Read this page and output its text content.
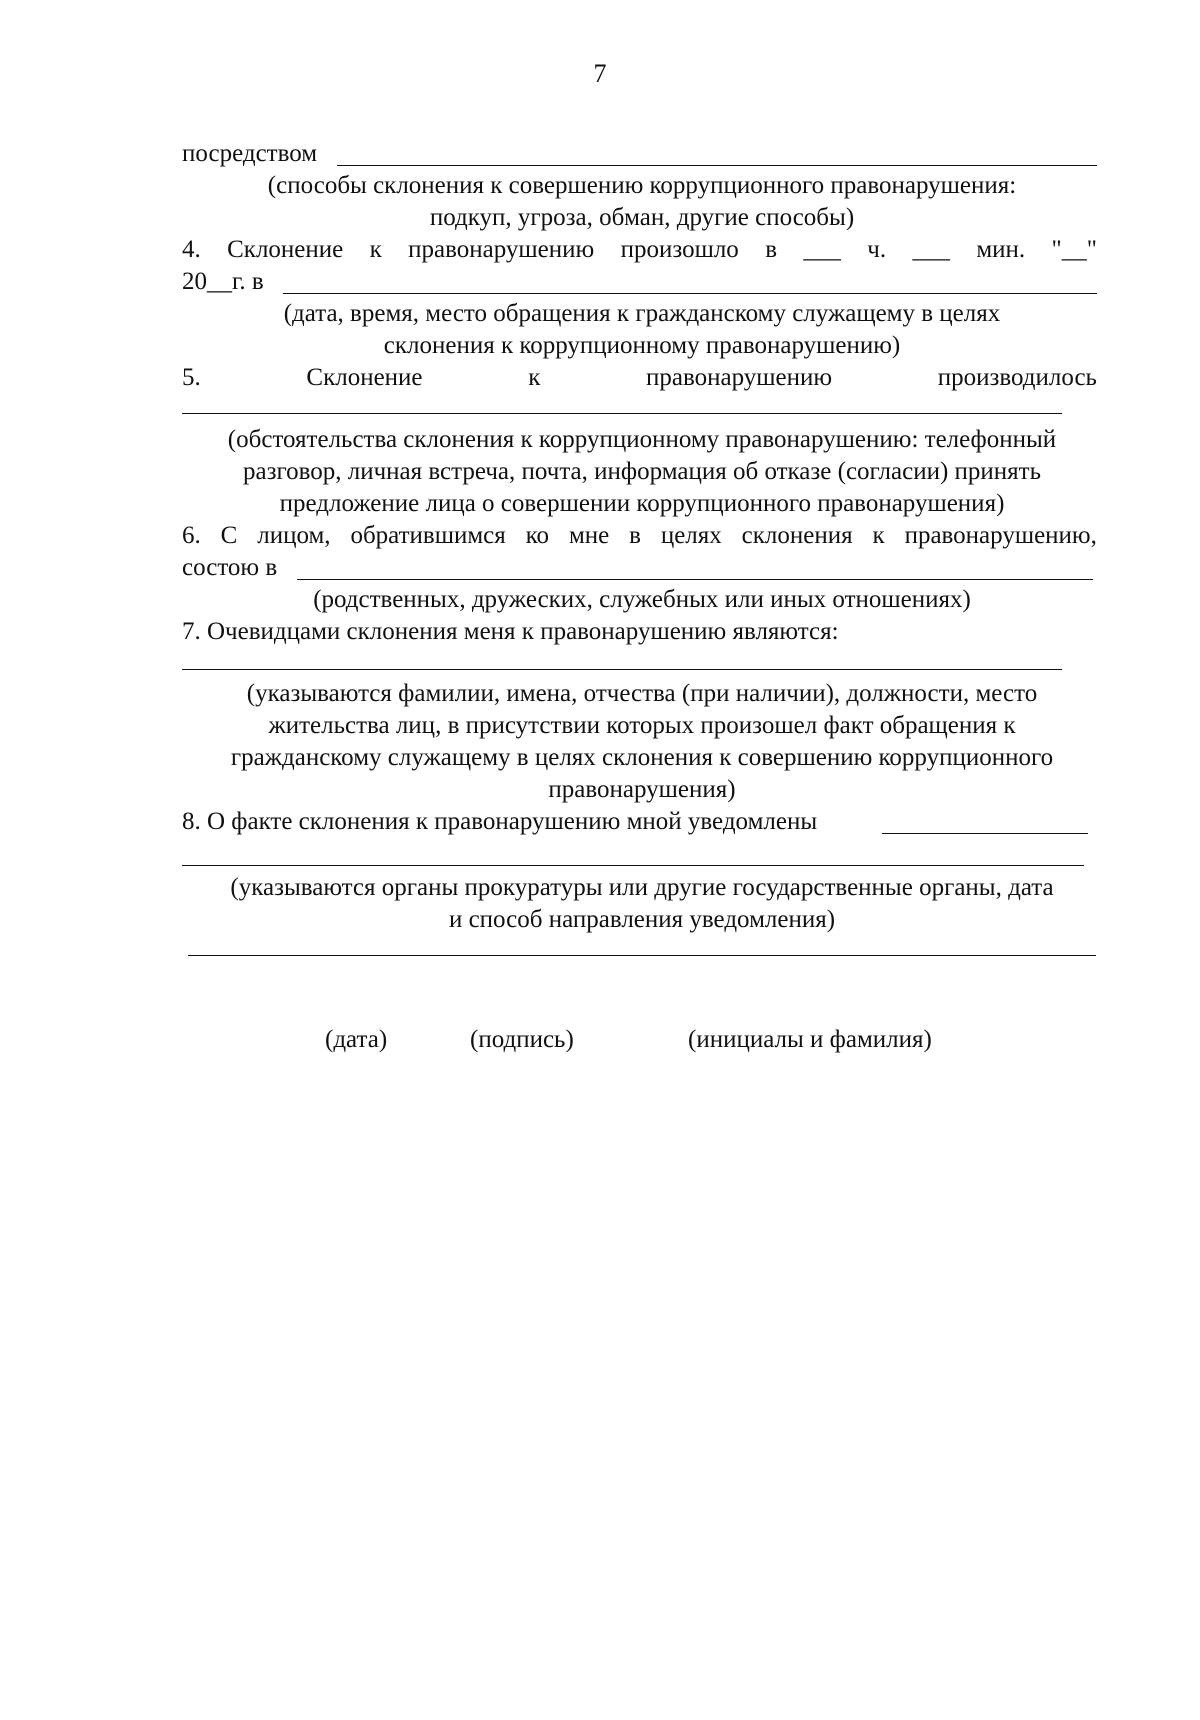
7
посредством
(способы склонения к совершению коррупционного правонарушения:
подкуп, угроза, обман, другие способы)
4. Склонение к правонарушению произошло в ___ ч. ___ мин. "__"
20__г. в
(дата, время, место обращения к гражданскому служащему в целях
склонения к коррупционному правонарушению)
5.	Склонение	к	правонарушению	производилось
(обстоятельства склонения к коррупционному правонарушению: телефонный
разговор, личная встреча, почта, информация об отказе (согласии) принять
предложение лица о совершении коррупционного правонарушения)
6. С лицом, обратившимся ко мне в целях склонения к правонарушению,
состою в
(родственных, дружеских, служебных или иных отношениях)
7. Очевидцами склонения меня к правонарушению являются:
(указываются фамилии, имена, отчества (при наличии), должности, место
жительства лиц, в присутствии которых произошел факт обращения к
гражданскому служащему в целях склонения к совершению коррупционного
правонарушения)
8. О факте склонения к правонарушению мной уведомлены
(указываются органы прокуратуры или другие государственные органы, дата
и способ направления уведомления)
(дата)	(подпись)	(инициалы и фамилия)
